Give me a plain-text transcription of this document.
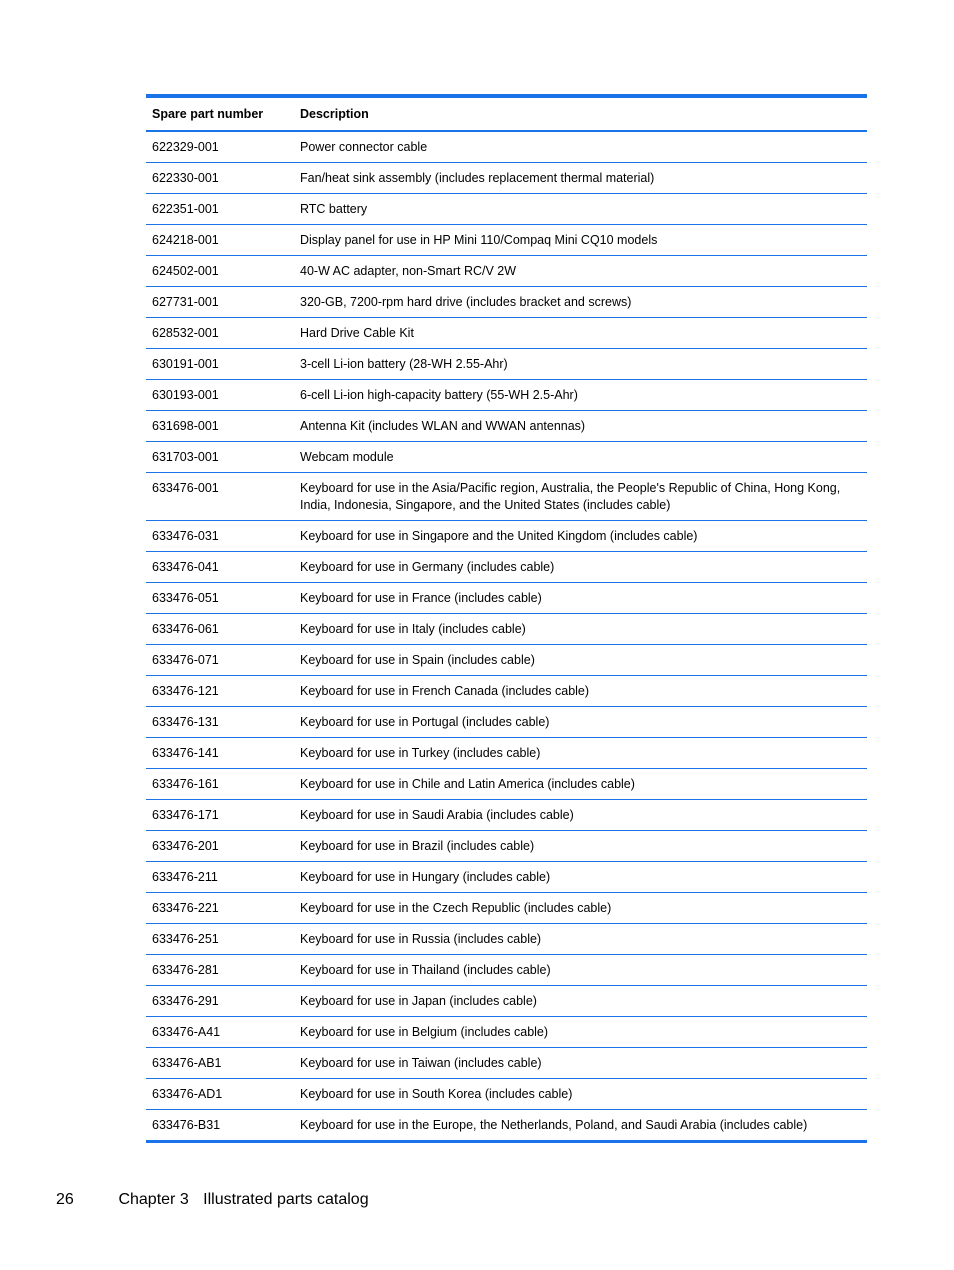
Spare part number	Description
622329-001	Power connector cable
622330-001	Fan/heat sink assembly (includes replacement thermal material)
622351-001	RTC battery
624218-001	Display panel for use in HP Mini 110/Compaq Mini CQ10 models
624502-001	40-W AC adapter, non-Smart RC/V 2W
627731-001	320-GB, 7200-rpm hard drive (includes bracket and screws)
628532-001	Hard Drive Cable Kit
630191-001	3-cell Li-ion battery (28-WH 2.55-Ahr)
630193-001	6-cell Li-ion high-capacity battery (55-WH 2.5-Ahr)
631698-001	Antenna Kit (includes WLAN and WWAN antennas)
631703-001	Webcam module
633476-001	Keyboard for use in the Asia/Pacific region, Australia, the People's Republic of China, Hong Kong, India, Indonesia, Singapore, and the United States (includes cable)
633476-031	Keyboard for use in Singapore and the United Kingdom (includes cable)
633476-041	Keyboard for use in Germany (includes cable)
633476-051	Keyboard for use in France (includes cable)
633476-061	Keyboard for use in Italy (includes cable)
633476-071	Keyboard for use in Spain (includes cable)
633476-121	Keyboard for use in French Canada (includes cable)
633476-131	Keyboard for use in Portugal (includes cable)
633476-141	Keyboard for use in Turkey (includes cable)
633476-161	Keyboard for use in Chile and Latin America (includes cable)
633476-171	Keyboard for use in Saudi Arabia (includes cable)
633476-201	Keyboard for use in Brazil (includes cable)
633476-211	Keyboard for use in Hungary (includes cable)
633476-221	Keyboard for use in the Czech Republic (includes cable)
633476-251	Keyboard for use in Russia (includes cable)
633476-281	Keyboard for use in Thailand (includes cable)
633476-291	Keyboard for use in Japan (includes cable)
633476-A41	Keyboard for use in Belgium (includes cable)
633476-AB1	Keyboard for use in Taiwan (includes cable)
633476-AD1	Keyboard for use in South Korea (includes cable)
633476-B31	Keyboard for use in the Europe, the Netherlands, Poland, and Saudi Arabia (includes cable)
26	Chapter 3 Illustrated parts catalog
